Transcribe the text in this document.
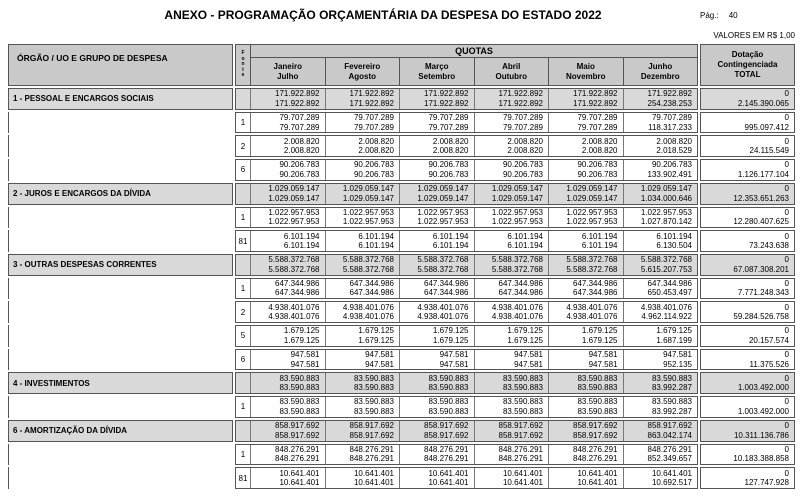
ANEXO - PROGRAMAÇÃO ORÇAMENTÁRIA DA DESPESA DO ESTADO 2022	Pág.: 40
VALORES EM R$ 1,00
ÓRGÃO / UO E GRUPO DE DESPESA	F
o
n
t
e
QUOTAS
Janeiro
Julho
Fevereiro
Agosto
Março
Setembro
Abril
Outubro
Maio
Novembro
Junho
Dezembro
Dotação
Contingenciada
TOTAL
1 - PESSOAL E ENCARGOS SOCIAIS
171.922.892
171.922.892
171.922.892
171.922.892
171.922.892
171.922.892
171.922.892
171.922.892
171.922.892
171.922.892
171.922.892
254.238.253
0
2.145.390.065
1
79.707.289
79.707.289
79.707.289
79.707.289
79.707.289
79.707.289
79.707.289
79.707.289
79.707.289
79.707.289
79.707.289
118.317.233
0
995.097.412
2
2.008.820
2.008.820
2.008.820
2.008.820
2.008.820
2.008.820
2.008.820
2.008.820
2.008.820
2.008.820
2.008.820
2.018.529
0
24.115.549
6
90.206.783
90.206.783
90.206.783
90.206.783
90.206.783
90.206.783
90.206.783
90.206.783
90.206.783
90.206.783
90.206.783
133.902.491
0
1.126.177.104
2 - JUROS E ENCARGOS DA DÍVIDA
1.029.059.147
1.029.059.147
1.029.059.147
1.029.059.147
1.029.059.147
1.029.059.147
1.029.059.147
1.029.059.147
1.029.059.147
1.029.059.147
1.029.059.147
1.034.000.646
0
12.353.651.263
1
1.022.957.953
1.022.957.953
1.022.957.953
1.022.957.953
1.022.957.953
1.022.957.953
1.022.957.953
1.022.957.953
1.022.957.953
1.022.957.953
1.022.957.953
1.027.870.142
0
12.280.407.625
81
6.101.194
6.101.194
6.101.194
6.101.194
6.101.194
6.101.194
6.101.194
6.101.194
6.101.194
6.101.194
6.101.194
6.130.504
0
73.243.638
3 - OUTRAS DESPESAS CORRENTES
5.588.372.768
5.588.372.768
5.588.372.768
5.588.372.768
5.588.372.768
5.588.372.768
5.588.372.768
5.588.372.768
5.588.372.768
5.588.372.768
5.588.372.768
5.615.207.753
0
67.087.308.201
1
647.344.986
647.344.986
647.344.986
647.344.986
647.344.986
647.344.986
647.344.986
647.344.986
647.344.986
647.344.986
647.344.986
650.453.497
0
7.771.248.343
2
4.938.401.076
4.938.401.076
4.938.401.076
4.938.401.076
4.938.401.076
4.938.401.076
4.938.401.076
4.938.401.076
4.938.401.076
4.938.401.076
4.938.401.076
4.962.114.922
0
59.284.526.758
5
1.679.125
1.679.125
1.679.125
1.679.125
1.679.125
1.679.125
1.679.125
1.679.125
1.679.125
1.679.125
1.679.125
1.687.199
0
20.157.574
6
947.581
947.581
947.581
947.581
947.581
947.581
947.581
947.581
947.581
947.581
947.581
952.135
0
11.375.526
4 - INVESTIMENTOS
83.590.883
83.590.883
83.590.883
83.590.883
83.590.883
83.590.883
83.590.883
83.590.883
83.590.883
83.590.883
83.590.883
83.992.287
0
1.003.492.000
1
83.590.883
83.590.883
83.590.883
83.590.883
83.590.883
83.590.883
83.590.883
83.590.883
83.590.883
83.590.883
83.590.883
83.992.287
0
1.003.492.000
6 - AMORTIZAÇÃO DA DÍVIDA
858.917.692
858.917.692
858.917.692
858.917.692
858.917.692
858.917.692
858.917.692
858.917.692
858.917.692
858.917.692
858.917.692
863.042.174
0
10.311.136.786
1
848.276.291
848.276.291
848.276.291
848.276.291
848.276.291
848.276.291
848.276.291
848.276.291
848.276.291
848.276.291
848.276.291
852.349.657
0
10.183.388.858
81
10.641.401
10.641.401
10.641.401
10.641.401
10.641.401
10.641.401
10.641.401
10.641.401
10.641.401
10.641.401
10.641.401
10.692.517
0
127.747.928
